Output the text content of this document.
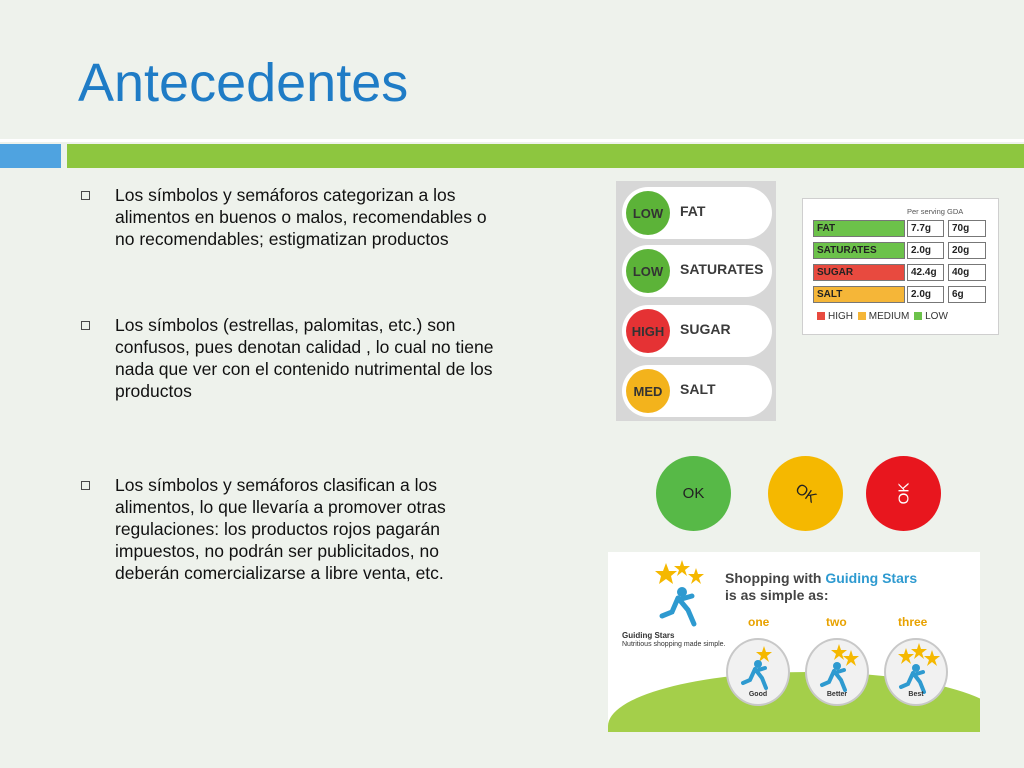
Antecedentes
Los símbolos y semáforos categorizan a los alimentos en buenos o malos, recomendables o no recomendables; estigmatizan productos
Los símbolos (estrellas, palomitas, etc.) son confusos, pues denotan calidad , lo cual no tiene nada que ver con el contenido nutrimental de los productos
Los símbolos y semáforos clasifican a los alimentos, lo que llevaría a promover otras regulaciones: los productos rojos pagarán impuestos, no podrán ser publicitados, no deberán comercializarse a libre venta, etc.
LOW	FAT
LOW	SATURATES
HIGH	SUGAR
MED	SALT
Per serving GDA
FAT	7.7g	70g
SATURATES	2.0g	20g
SUGAR	42.4g	40g
SALT	2.0g	6g
HIGH MEDIUM LOW
OK	OK	OK
Shopping with Guiding Stars
is as simple as:
Guiding Stars
Nutritious shopping made simple.
one	two	three
Good	Better	Best
